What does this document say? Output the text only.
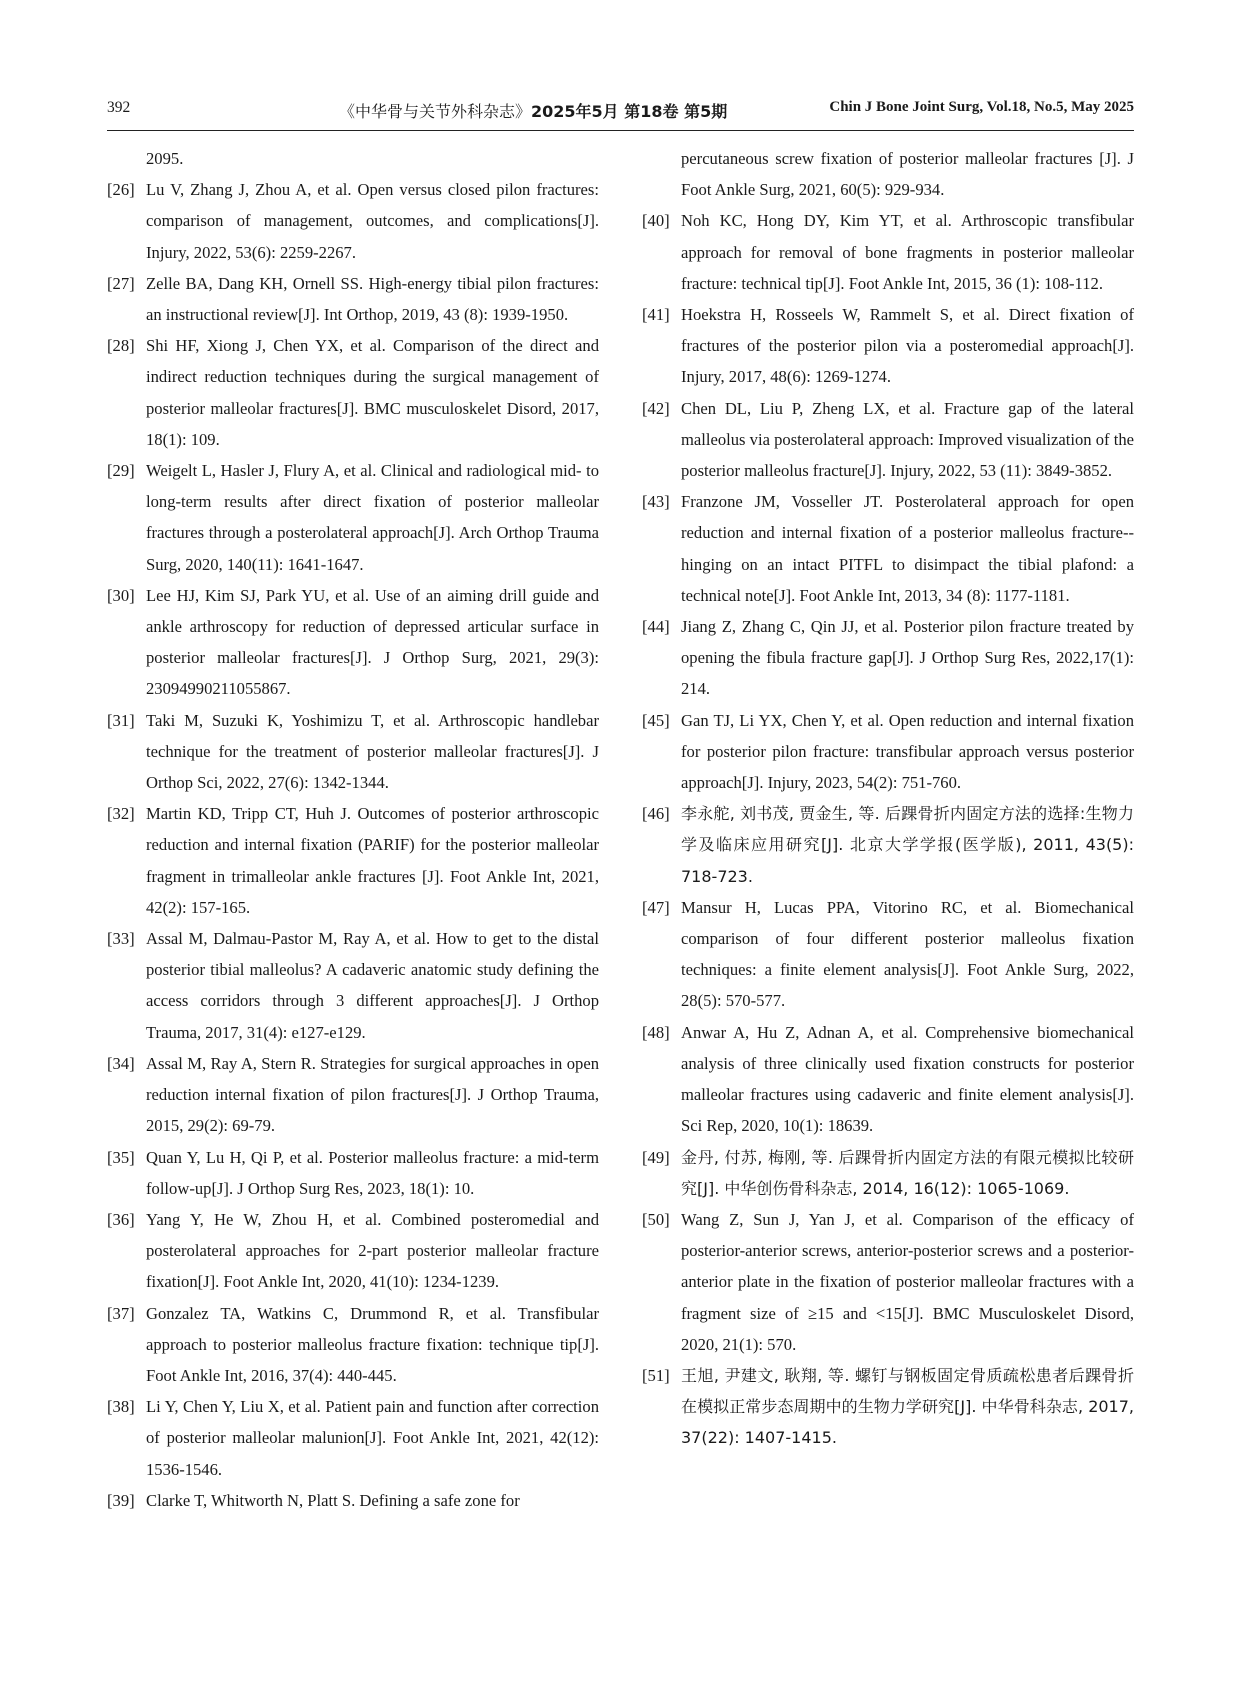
392	《中华骨与关节外科杂志》2025年5月 第18卷 第5期	Chin J Bone Joint Surg, Vol.18, No.5, May 2025
2095.
[26] Lu V, Zhang J, Zhou A, et al. Open versus closed pilon fractures: comparison of management, outcomes, and complications[J]. Injury, 2022, 53(6): 2259-2267.
[27] Zelle BA, Dang KH, Ornell SS. High-energy tibial pilon fractures: an instructional review[J]. Int Orthop, 2019, 43 (8): 1939-1950.
[28] Shi HF, Xiong J, Chen YX, et al. Comparison of the direct and indirect reduction techniques during the surgical management of posterior malleolar fractures[J]. BMC musculoskelet Disord, 2017, 18(1): 109.
[29] Weigelt L, Hasler J, Flury A, et al. Clinical and radiological mid- to long-term results after direct fixation of posterior malleolar fractures through a posterolateral approach[J]. Arch Orthop Trauma Surg, 2020, 140(11): 1641-1647.
[30] Lee HJ, Kim SJ, Park YU, et al. Use of an aiming drill guide and ankle arthroscopy for reduction of depressed articular surface in posterior malleolar fractures[J]. J Orthop Surg, 2021, 29(3): 23094990211055867.
[31] Taki M, Suzuki K, Yoshimizu T, et al. Arthroscopic handlebar technique for the treatment of posterior malleolar fractures[J]. J Orthop Sci, 2022, 27(6): 1342-1344.
[32] Martin KD, Tripp CT, Huh J. Outcomes of posterior arthroscopic reduction and internal fixation (PARIF) for the posterior malleolar fragment in trimalleolar ankle fractures [J]. Foot Ankle Int, 2021, 42(2): 157-165.
[33] Assal M, Dalmau-Pastor M, Ray A, et al. How to get to the distal posterior tibial malleolus? A cadaveric anatomic study defining the access corridors through 3 different approaches[J]. J Orthop Trauma, 2017, 31(4): e127-e129.
[34] Assal M, Ray A, Stern R. Strategies for surgical approaches in open reduction internal fixation of pilon fractures[J]. J Orthop Trauma, 2015, 29(2): 69-79.
[35] Quan Y, Lu H, Qi P, et al. Posterior malleolus fracture: a mid-term follow-up[J]. J Orthop Surg Res, 2023, 18(1): 10.
[36] Yang Y, He W, Zhou H, et al. Combined posteromedial and posterolateral approaches for 2-part posterior malleolar fracture fixation[J]. Foot Ankle Int, 2020, 41(10): 1234-1239.
[37] Gonzalez TA, Watkins C, Drummond R, et al. Transfibular approach to posterior malleolus fracture fixation: technique tip[J]. Foot Ankle Int, 2016, 37(4): 440-445.
[38] Li Y, Chen Y, Liu X, et al. Patient pain and function after correction of posterior malleolar malunion[J]. Foot Ankle Int, 2021, 42(12): 1536-1546.
[39] Clarke T, Whitworth N, Platt S. Defining a safe zone for
percutaneous screw fixation of posterior malleolar fractures [J]. J Foot Ankle Surg, 2021, 60(5): 929-934.
[40] Noh KC, Hong DY, Kim YT, et al. Arthroscopic transfibular approach for removal of bone fragments in posterior malleolar fracture: technical tip[J]. Foot Ankle Int, 2015, 36 (1): 108-112.
[41] Hoekstra H, Rosseels W, Rammelt S, et al. Direct fixation of fractures of the posterior pilon via a posteromedial approach[J]. Injury, 2017, 48(6): 1269-1274.
[42] Chen DL, Liu P, Zheng LX, et al. Fracture gap of the lateral malleolus via posterolateral approach: Improved visualization of the posterior malleolus fracture[J]. Injury, 2022, 53 (11): 3849-3852.
[43] Franzone JM, Vosseller JT. Posterolateral approach for open reduction and internal fixation of a posterior malleolus fracture--hinging on an intact PITFL to disimpact the tibial plafond: a technical note[J]. Foot Ankle Int, 2013, 34 (8): 1177-1181.
[44] Jiang Z, Zhang C, Qin JJ, et al. Posterior pilon fracture treated by opening the fibula fracture gap[J]. J Orthop Surg Res, 2022,17(1): 214.
[45] Gan TJ, Li YX, Chen Y, et al. Open reduction and internal fixation for posterior pilon fracture: transfibular approach versus posterior approach[J]. Injury, 2023, 54(2): 751-760.
[46] 李永舵, 刘书茂, 贾金生, 等. 后踝骨折内固定方法的选择:生物力学及临床应用研究[J]. 北京大学学报(医学版), 2011, 43(5): 718-723.
[47] Mansur H, Lucas PPA, Vitorino RC, et al. Biomechanical comparison of four different posterior malleolus fixation techniques: a finite element analysis[J]. Foot Ankle Surg, 2022, 28(5): 570-577.
[48] Anwar A, Hu Z, Adnan A, et al. Comprehensive biomechanical analysis of three clinically used fixation constructs for posterior malleolar fractures using cadaveric and finite element analysis[J]. Sci Rep, 2020, 10(1): 18639.
[49] 金丹, 付苏, 梅刚, 等. 后踝骨折内固定方法的有限元模拟比较研究[J]. 中华创伤骨科杂志, 2014, 16(12): 1065-1069.
[50] Wang Z, Sun J, Yan J, et al. Comparison of the efficacy of posterior-anterior screws, anterior-posterior screws and a posterior-anterior plate in the fixation of posterior malleolar fractures with a fragment size of ≥15 and <15[J]. BMC Musculoskelet Disord, 2020, 21(1): 570.
[51] 王旭, 尹建文, 耿翔, 等. 螺钉与钢板固定骨质疏松患者后踝骨折在模拟正常步态周期中的生物力学研究[J]. 中华骨科杂志, 2017, 37(22): 1407-1415.
